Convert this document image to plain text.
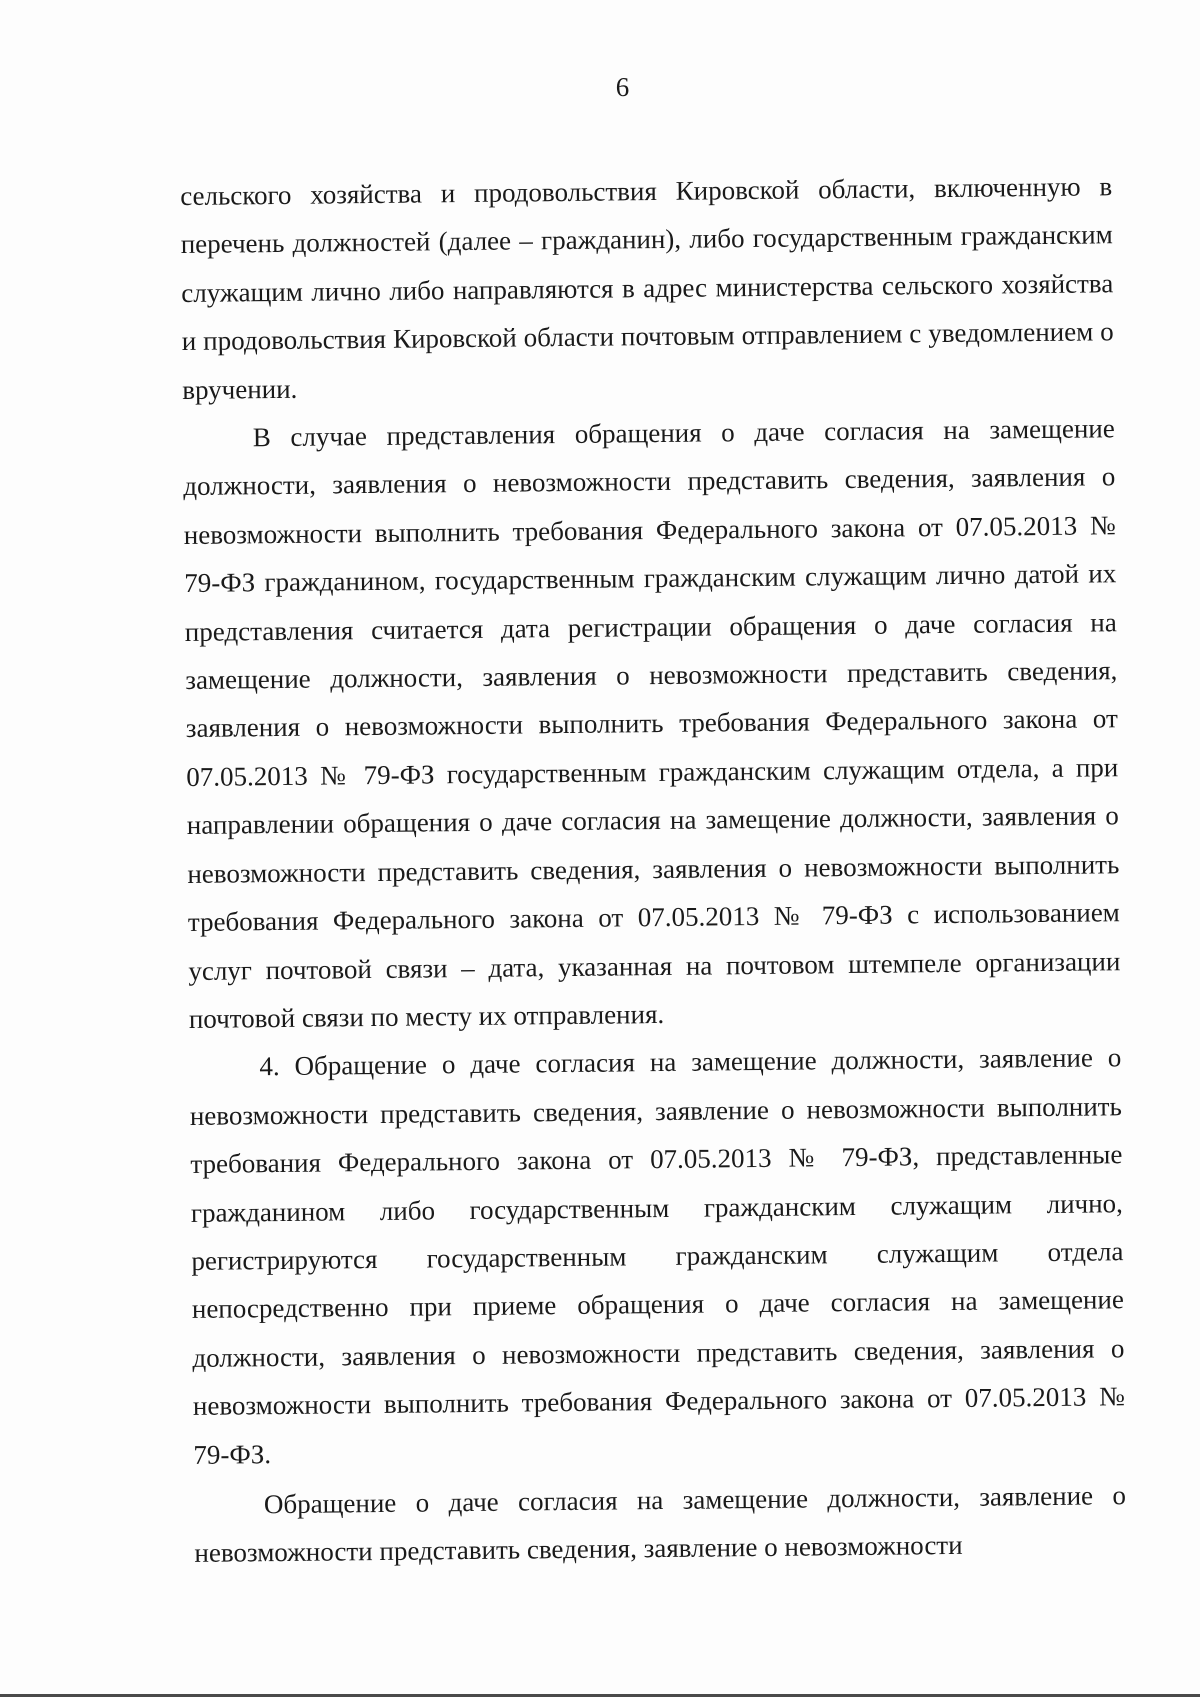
6

сельского хозяйства и продовольствия Кировской области, включенную в перечень должностей (далее – гражданин), либо государственным гражданским служащим лично либо направляются в адрес министерства сельского хозяйства и продовольствия Кировской области почтовым отправлением с уведомлением о вручении.

В случае представления обращения о даче согласия на замещение должности, заявления о невозможности представить сведения, заявления о невозможности выполнить требования Федерального закона от 07.05.2013 № 79-ФЗ гражданином, государственным гражданским служащим лично датой их представления считается дата регистрации обращения о даче согласия на замещение должности, заявления о невозможности представить сведения, заявления о невозможности выполнить требования Федерального закона от 07.05.2013 № 79-ФЗ государственным гражданским служащим отдела, а при направлении обращения о даче согласия на замещение должности, заявления о невозможности представить сведения, заявления о невозможности выполнить требования Федерального закона от 07.05.2013 № 79-ФЗ с использованием услуг почтовой связи – дата, указанная на почтовом штемпеле организации почтовой связи по месту их отправления.

4. Обращение о даче согласия на замещение должности, заявление о невозможности представить сведения, заявление о невозможности выполнить требования Федерального закона от 07.05.2013 № 79-ФЗ, представленные гражданином либо государственным гражданским служащим лично, регистрируются государственным гражданским служащим отдела непосредственно при приеме обращения о даче согласия на замещение должности, заявления о невозможности представить сведения, заявления о невозможности выполнить требования Федерального закона от 07.05.2013 № 79-ФЗ.

Обращение о даче согласия на замещение должности, заявление о невозможности представить сведения, заявление о невозможности
